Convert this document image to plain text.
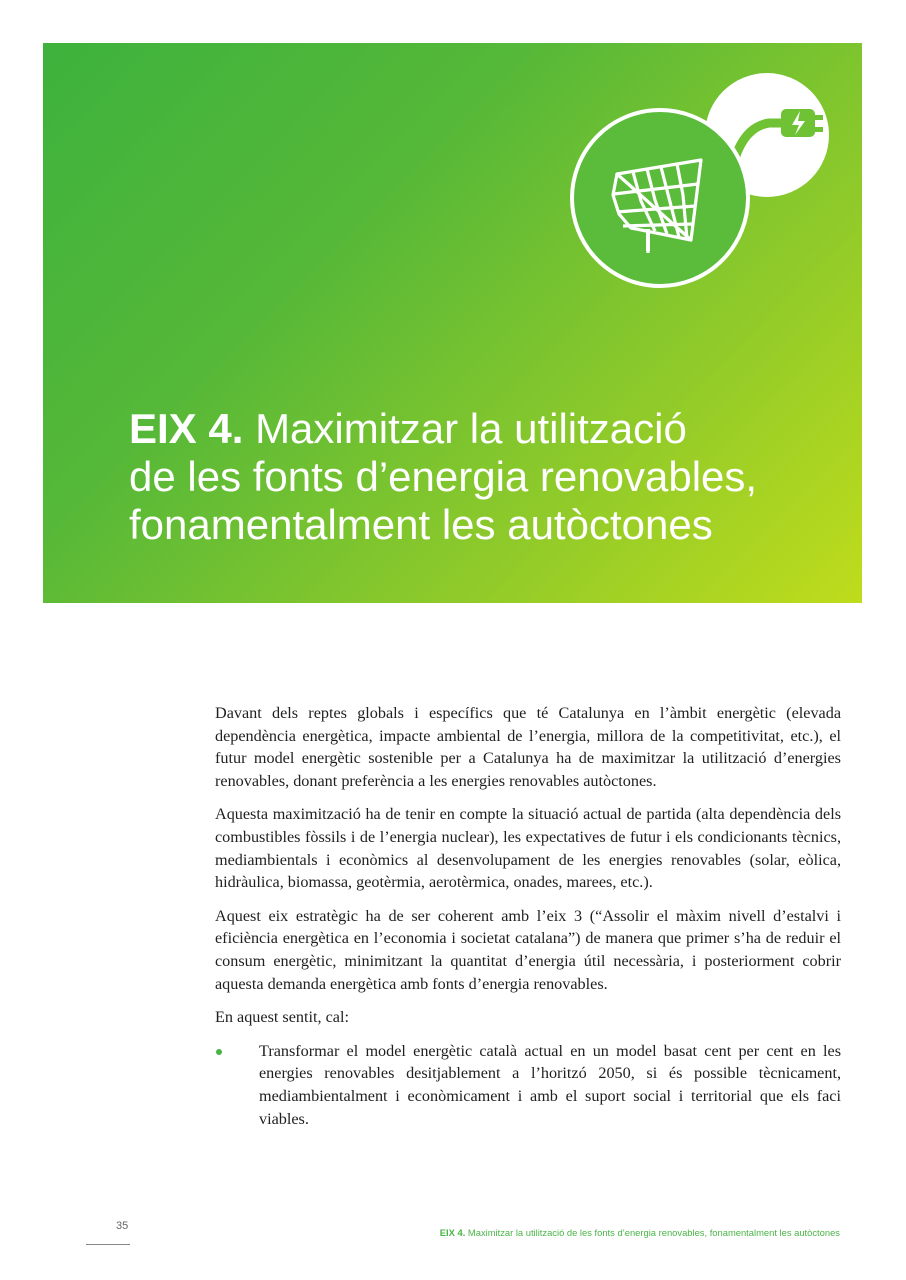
EIX 4. Maximitzar la utilització
de les fonts d’energia renovables,
fonamentalment les autòctones

Davant dels reptes globals i específics que té Catalunya en l’àmbit energètic (elevada dependència energètica, impacte ambiental de l’energia, millora de la competitivitat, etc.), el futur model energètic sostenible per a Catalunya ha de maximitzar la utilització d’energies renovables, donant preferència a les energies renovables autòctones.

Aquesta maximització ha de tenir en compte la situació actual de partida (alta dependència dels combustibles fòssils i de l’energia nuclear), les expectatives de futur i els condicionants tècnics, mediambientals i econòmics al desenvolupament de les energies renovables (solar, eòlica, hidràulica, biomassa, geotèrmia, aerotèrmica, onades, marees, etc.).

Aquest eix estratègic ha de ser coherent amb l’eix 3 (“Assolir el màxim nivell d’estalvi i eficiència energètica en l’economia i societat catalana”) de manera que primer s’ha de reduir el consum energètic, minimitzant la quantitat d’energia útil necessària, i posteriorment cobrir aquesta demanda energètica amb fonts d’energia renovables.

En aquest sentit, cal:

Transformar el model energètic català actual en un model basat cent per cent en les energies renovables desitjablement a l’horitzó 2050, si és possible tècnicament, mediambientalment i econòmicament i amb el suport social i territorial que els faci viables.
35
EIX 4. Maximitzar la utilització de les fonts d’energia renovables, fonamentalment les autòctones
